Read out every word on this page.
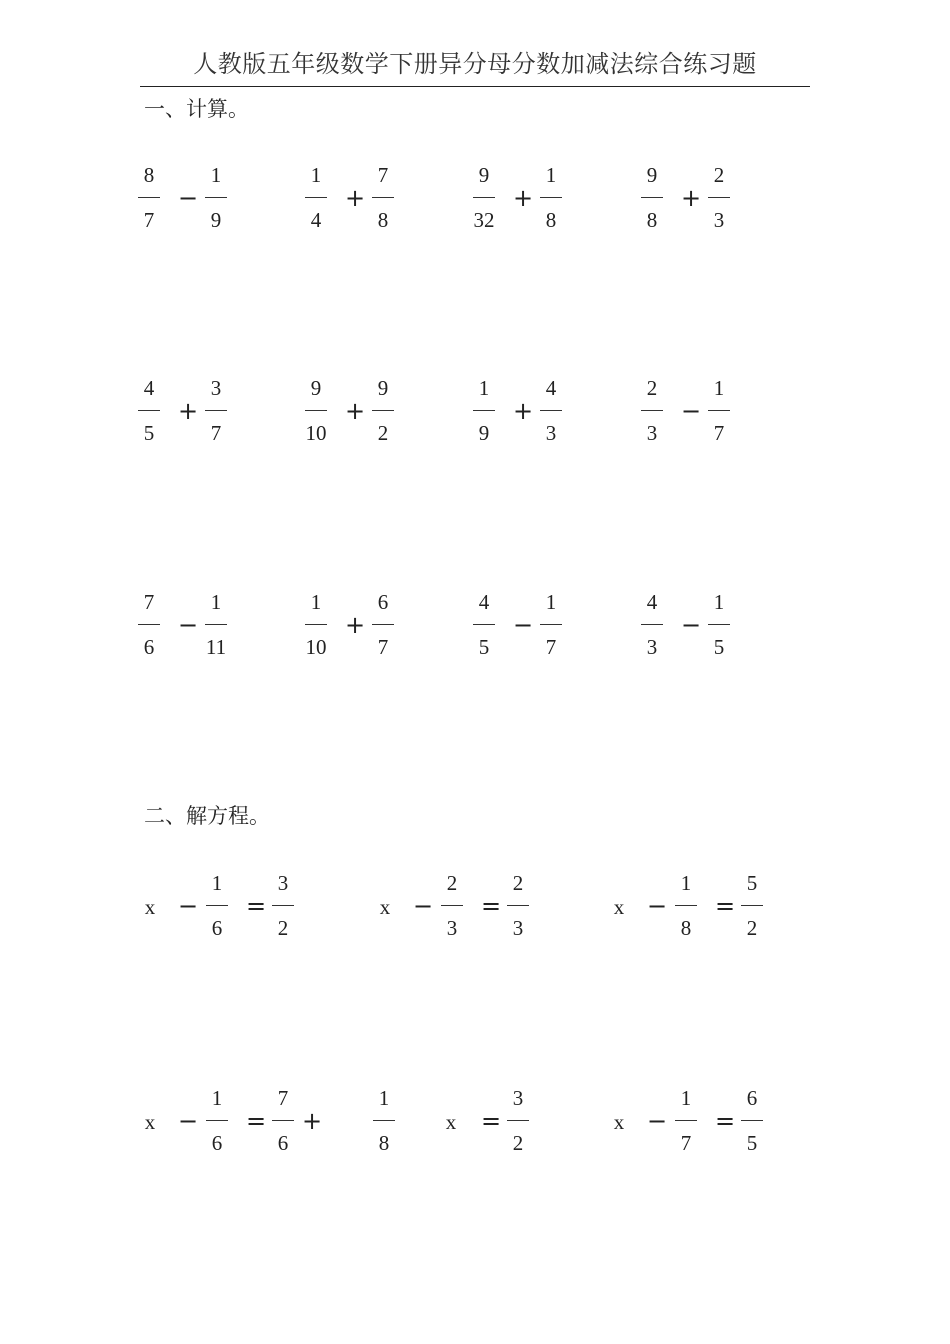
人教版五年级数学下册异分母分数加减法综合练习题
一、计算。
8
7
−
1
9
1
4
+
7
8
9
32
+
1
8
9
8
+
2
3
4
5
+
3
7
9
10
+
9
2
1
9
+
4
3
2
3
−
1
7
7
6
−
1
11
1
10
+
6
7
4
5
−
1
7
4
3
−
1
5
二、解方程。
x −
1
6
=
3
2
x −
2
3
=
2
3
x −
1
8
=
5
2
x −
1
6
=
7
6
1
8
+	x =
3
2
x −
1
7
=
6
5
